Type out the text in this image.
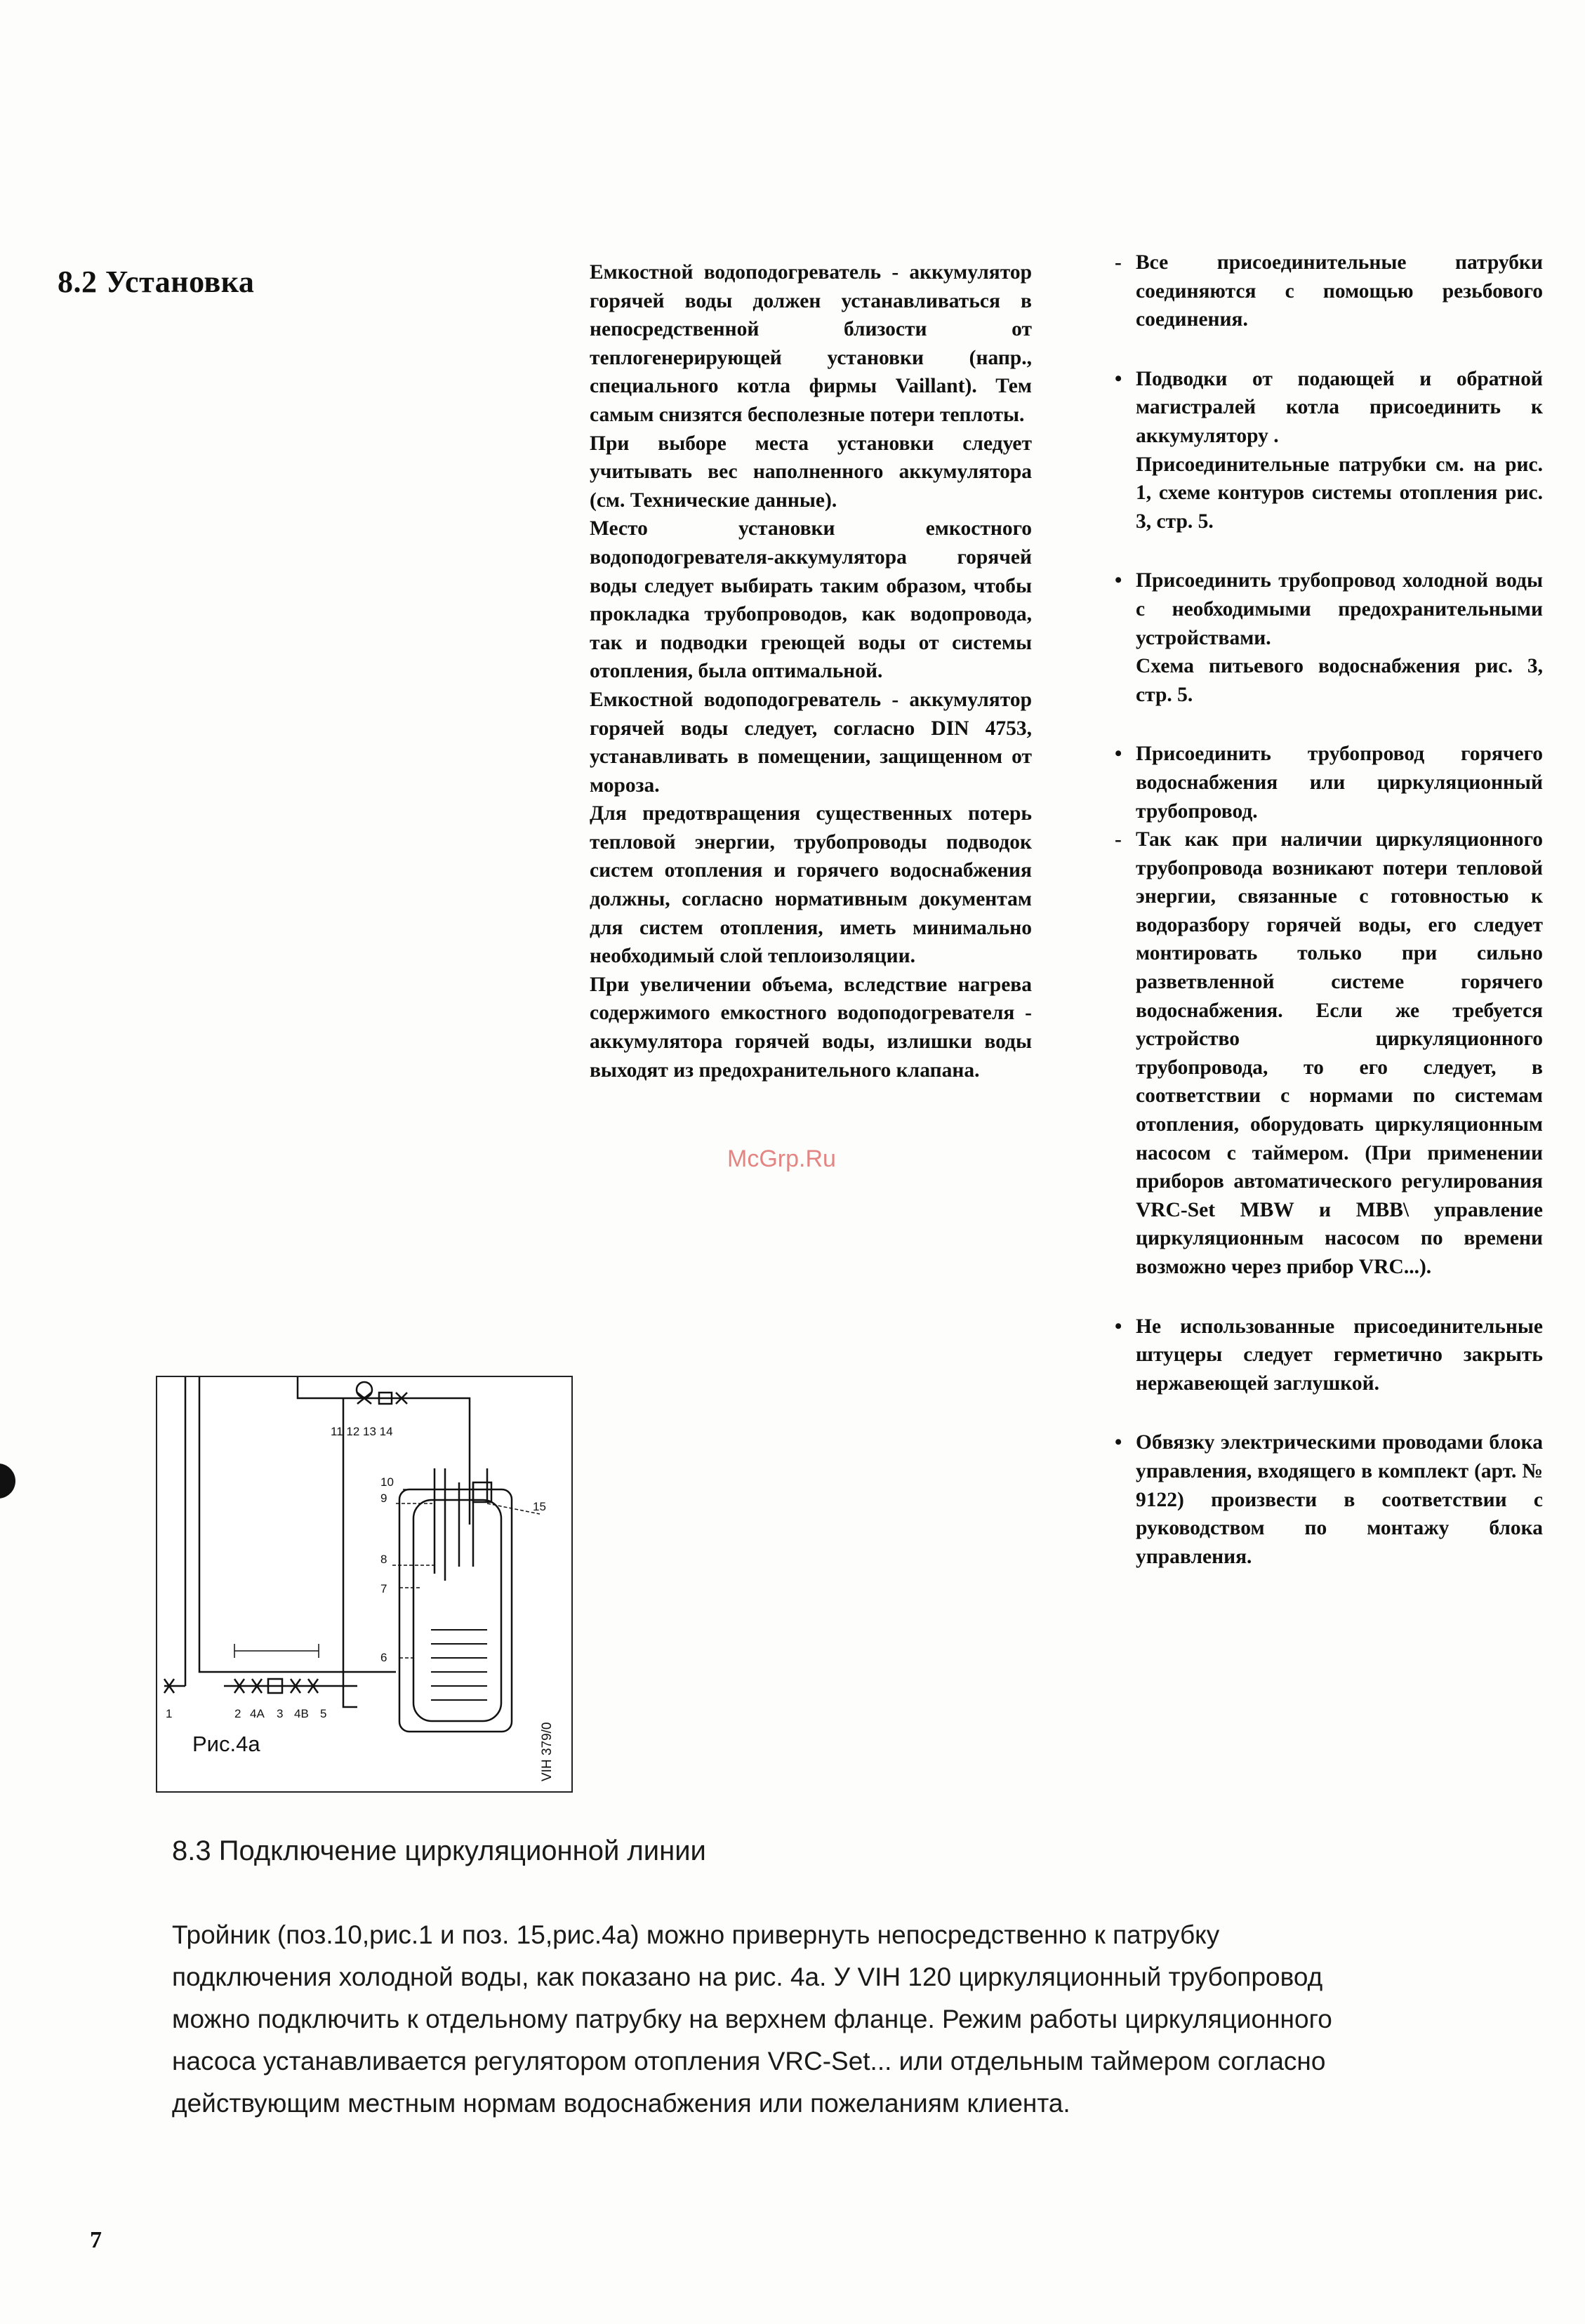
8.2 Установка	Емкостной водоподогреватель - аккумулятор горячей воды должен устанавливаться в непосредственной близости от теплогенерирующей установки (напр., специального котла фирмы Vaillant). Тем самым снизятся бесполезные потери теплоты.

При выборе места установки следует учитывать вес наполненного аккумулятора (см. Технические данные).

Место установки емкостного водоподогревателя-аккумулятора горячей воды следует выбирать таким образом, чтобы прокладка трубопроводов, как водопровода, так и подводки греющей воды от системы отопления, была оптимальной.

Емкостной водоподогреватель - аккумулятор горячей воды следует, согласно DIN 4753, устанавливать в помещении, защищенном от мороза.

Для предотвращения существенных потерь тепловой энергии, трубопроводы подводок систем отопления и горячего водоснабжения должны, согласно нормативным документам для систем отопления, иметь минимально необходимый слой теплоизоляции.

При увеличении объема, вследствие нагрева содержимого емкостного водоподогревателя - аккумулятора горячей воды, излишки воды выходят из предохранительного клапана.

McGrp.Ru
- Все присоединительные патрубки соединяются с помощью резьбового соединения.

• Подводки от подающей и обратной магистралей котла присоединить к аккумулятору .

Присоединительные патрубки см. на рис. 1, схеме контуров системы отопления рис. 3, стр. 5.

• Присоединить трубопровод холодной воды с необходимыми предохранительными устройствами.

Схема питьевого водоснабжения рис. 3, стр. 5.

• Присоединить трубопровод горячего водоснабжения или циркуляционный трубопровод.

- Так как при наличии циркуляционного трубопровода возникают потери тепловой энергии, связанные с готовностью к водоразбору горячей воды, его следует монтировать только при сильно разветвленной системе горячего водоснабжения. Если же требуется устройство циркуляционного трубопровода, то его следует, в соответствии с нормами по системам отопления, оборудовать циркуляционным насосом с таймером. (При применении приборов автоматического регулирования VRC-Set MBW и MBB\ управление циркуляционным насосом по времени возможно через прибор VRC...).

• Не использованные присоединительные штуцеры следует герметично закрыть нержавеющей заглушкой.

• Обвязку электрическими проводами блока управления, входящего в комплект (арт. № 9122) произвести в соответствии с руководством по монтажу блока управления.

11 12 13 14
1	2 4A 3 4B 5
10
9
8
7
6
15
Рис.4а	VIH 379/0
8.3 Подключение циркуляционной линии
Тройник (поз.10,рис.1 и поз. 15,рис.4а) можно привернуть непосредственно к патрубку
подключения холодной воды, как показано на рис. 4а. У VIH 120 циркуляционный трубопровод
можно подключить к отдельному патрубку на верхнем фланце. Режим работы циркуляционного
насоса устанавливается регулятором отопления VRC-Set... или отдельным таймером согласно
действующим местным нормам водоснабжения или пожеланиям клиента.
7
